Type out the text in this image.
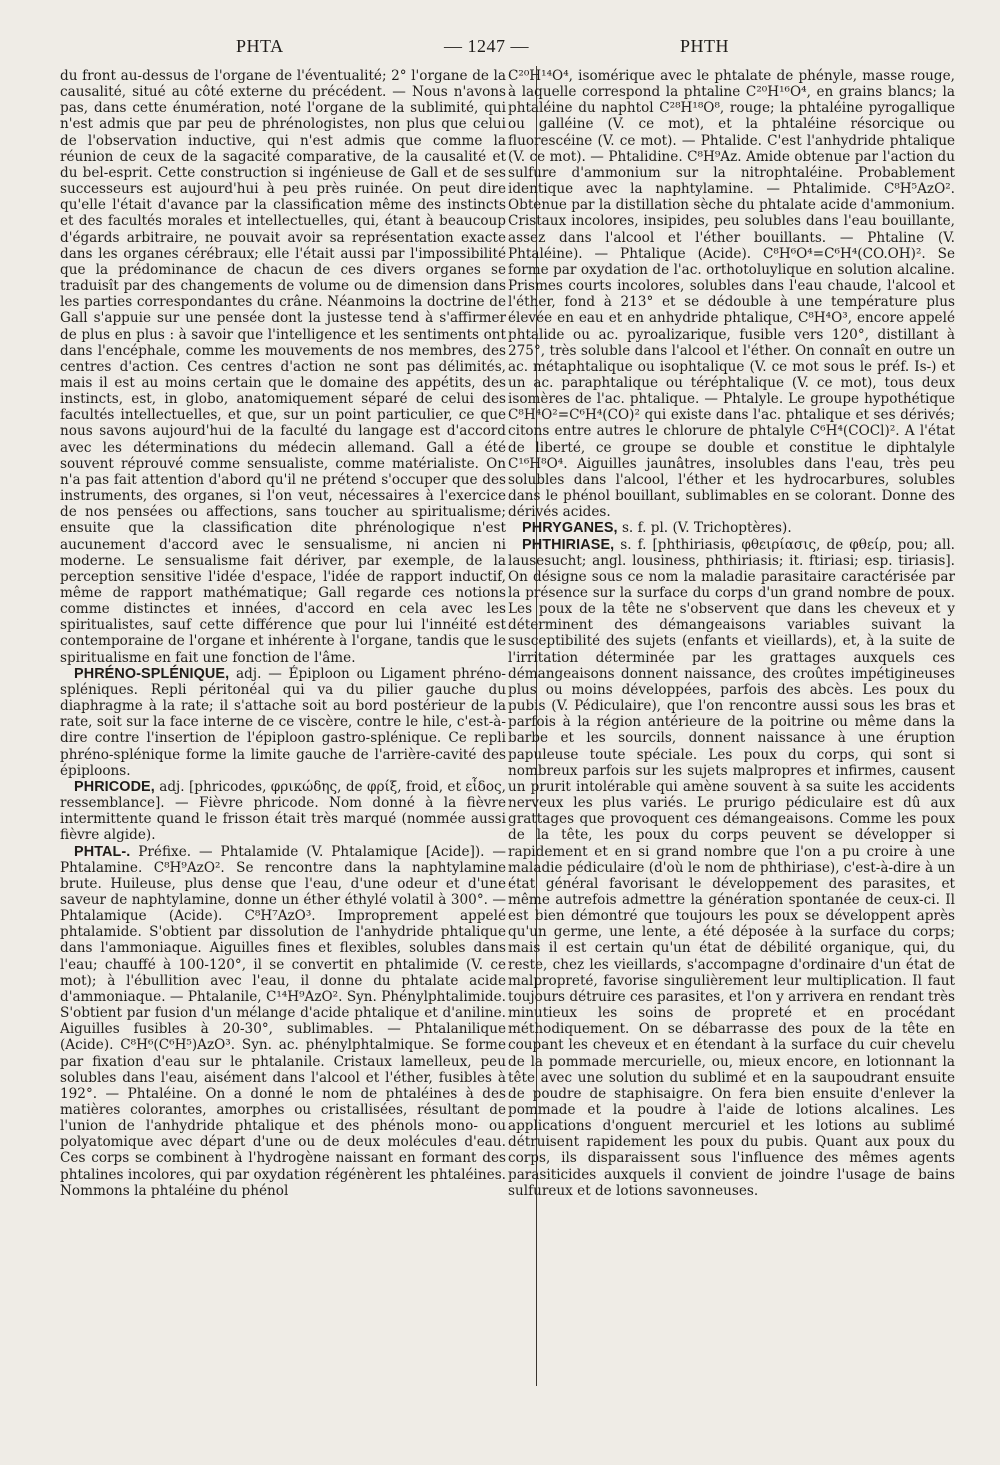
PHTA	— 1247 —	PHTH

du front au-dessus de l'organe de l'éventualité; 2° l'organe de la causalité, situé au côté externe du précédent. — Nous n'avons pas, dans cette énumération, noté l'organe de la sublimité, qui n'est admis que par peu de phrénologistes, non plus que celui de l'observation inductive, qui n'est admis que comme la réunion de ceux de la sagacité comparative, de la causalité et du bel-esprit. Cette construction si ingénieuse de Gall et de ses successeurs est aujourd'hui à peu près ruinée. On peut dire qu'elle l'était d'avance par la classification même des instincts et des facultés morales et intellectuelles, qui, étant à beaucoup d'égards arbitraire, ne pouvait avoir sa représentation exacte dans les organes cérébraux; elle l'était aussi par l'impossibilité que la prédominance de chacun de ces divers organes se traduisît par des changements de volume ou de dimension dans les parties correspondantes du crâne. Néanmoins la doctrine de Gall s'appuie sur une pensée dont la justesse tend à s'affirmer de plus en plus : à savoir que l'intelligence et les sentiments ont dans l'encéphale, comme les mouvements de nos membres, des centres d'action. Ces centres d'action ne sont pas délimités, mais il est au moins certain que le domaine des appétits, des instincts, est, in globo, anatomiquement séparé de celui des facultés intellectuelles, et que, sur un point particulier, ce que nous savons aujourd'hui de la faculté du langage est d'accord avec les déterminations du médecin allemand. Gall a été souvent réprouvé comme sensualiste, comme matérialiste. On n'a pas fait attention d'abord qu'il ne prétend s'occuper que des instruments, des organes, si l'on veut, nécessaires à l'exercice de nos pensées ou affections, sans toucher au spiritualisme; ensuite que la classification dite phrénologique n'est aucunement d'accord avec le sensualisme, ni ancien ni moderne. Le sensualisme fait dériver, par exemple, de la perception sensitive l'idée d'espace, l'idée de rapport inductif, même de rapport mathématique; Gall regarde ces notions comme distinctes et innées, d'accord en cela avec les spiritualistes, sauf cette différence que pour lui l'innéité est contemporaine de l'organe et inhérente à l'organe, tandis que le spiritualisme en fait une fonction de l'âme.

PHRÉNO-SPLÉNIQUE, adj. — Épiploon ou Ligament phréno-spléniques. Repli péritonéal qui va du pilier gauche du diaphragme à la rate; il s'attache soit au bord postérieur de la rate, soit sur la face interne de ce viscère, contre le hile, c'est-à-dire contre l'insertion de l'épiploon gastro-splénique. Ce repli phréno-splénique forme la limite gauche de l'arrière-cavité des épiploons.

PHRICODE, adj. [phricodes, φρικώδης, de φρίξ, froid, et εἶδος, ressemblance]. — Fièvre phricode. Nom donné à la fièvre intermittente quand le frisson était très marqué (nommée aussi fièvre algide).

PHTAL-. Préfixe. — Phtalamide (V. Phtalamique [Acide]). — Phtalamine. C⁸H⁹AzO². Se rencontre dans la naphtylamine brute. Huileuse, plus dense que l'eau, d'une odeur et d'une saveur de naphtylamine, donne un éther éthylé volatil à 300°. — Phtalamique (Acide). C⁸H⁷AzO³. Improprement appelé phtalamide. S'obtient par dissolution de l'anhydride phtalique dans l'ammoniaque. Aiguilles fines et flexibles, solubles dans l'eau; chauffé à 100-120°, il se convertit en phtalimide (V. ce mot); à l'ébullition avec l'eau, il donne du phtalate acide d'ammoniaque. — Phtalanile, C¹⁴H⁹AzO². Syn. Phénylphtalimide. S'obtient par fusion d'un mélange d'acide phtalique et d'aniline. Aiguilles fusibles à 20-30°, sublimables. — Phtalanilique (Acide). C⁸H⁶(C⁶H⁵)AzO³. Syn. ac. phénylphtalmique. Se forme par fixation d'eau sur le phtalanile. Cristaux lamelleux, peu solubles dans l'eau, aisément dans l'alcool et l'éther, fusibles à 192°. — Phtaléine. On a donné le nom de phtaléines à des matières colorantes, amorphes ou cristallisées, résultant de l'union de l'anhydride phtalique et des phénols mono- ou polyatomique avec départ d'une ou de deux molécules d'eau. Ces corps se combinent à l'hydrogène naissant en formant des phtalines incolores, qui par oxydation régénèrent les phtaléines. Nommons la phtaléine du phénol

C²⁰H¹⁴O⁴, isomérique avec le phtalate de phényle, masse rouge, à laquelle correspond la phtaline C²⁰H¹⁶O⁴, en grains blancs; la phtaléine du naphtol C²⁸H¹⁸O⁸, rouge; la phtaléine pyrogallique ou galléine (V. ce mot), et la phtaléine résorcique ou fluorescéine (V. ce mot). — Phtalide. C'est l'anhydride phtalique (V. ce mot). — Phtalidine. C⁸H⁹Az. Amide obtenue par l'action du sulfure d'ammonium sur la nitrophtaléine. Probablement identique avec la naphtylamine. — Phtalimide. C⁸H⁵AzO². Obtenue par la distillation sèche du phtalate acide d'ammonium. Cristaux incolores, insipides, peu solubles dans l'eau bouillante, assez dans l'alcool et l'éther bouillants. — Phtaline (V. Phtaléine). — Phtalique (Acide). C⁸H⁶O⁴=C⁶H⁴(CO.OH)². Se forme par oxydation de l'ac. orthotoluylique en solution alcaline. Prismes courts incolores, solubles dans l'eau chaude, l'alcool et l'éther, fond à 213° et se dédouble à une température plus élevée en eau et en anhydride phtalique, C⁸H⁴O³, encore appelé phtalide ou ac. pyroalizarique, fusible vers 120°, distillant à 275°, très soluble dans l'alcool et l'éther. On connaît en outre un ac. métaphtalique ou isophtalique (V. ce mot sous le préf. Is-) et un ac. paraphtalique ou téréphtalique (V. ce mot), tous deux isomères de l'ac. phtalique. — Phtalyle. Le groupe hypothétique C⁸H⁴O²=C⁶H⁴(CO)² qui existe dans l'ac. phtalique et ses dérivés; citons entre autres le chlorure de phtalyle C⁶H⁴(COCl)². A l'état de liberté, ce groupe se double et constitue le diphtalyle C¹⁶H⁸O⁴. Aiguilles jaunâtres, insolubles dans l'eau, très peu solubles dans l'alcool, l'éther et les hydrocarbures, solubles dans le phénol bouillant, sublimables en se colorant. Donne des dérivés acides.

PHRYGANES, s. f. pl. (V. Trichoptères).

PHTHIRIASE, s. f. [phthiriasis, φθειρίασις, de φθείρ, pou; all. lausesucht; angl. lousiness, phthiriasis; it. ftiriasi; esp. tiriasis]. On désigne sous ce nom la maladie parasitaire caractérisée par la présence sur la surface du corps d'un grand nombre de poux. Les poux de la tête ne s'observent que dans les cheveux et y déterminent des démangeaisons variables suivant la susceptibilité des sujets (enfants et vieillards), et, à la suite de l'irritation déterminée par les grattages auxquels ces démangeaisons donnent naissance, des croûtes impétigineuses plus ou moins développées, parfois des abcès. Les poux du pubis (V. Pédiculaire), que l'on rencontre aussi sous les bras et parfois à la région antérieure de la poitrine ou même dans la barbe et les sourcils, donnent naissance à une éruption papuleuse toute spéciale. Les poux du corps, qui sont si nombreux parfois sur les sujets malpropres et infirmes, causent un prurit intolérable qui amène souvent à sa suite les accidents nerveux les plus variés. Le prurigo pédiculaire est dû aux grattages que provoquent ces démangeaisons. Comme les poux de la tête, les poux du corps peuvent se développer si rapidement et en si grand nombre que l'on a pu croire à une maladie pédiculaire (d'où le nom de phthiriase), c'est-à-dire à un état général favorisant le développement des parasites, et même autrefois admettre la génération spontanée de ceux-ci. Il est bien démontré que toujours les poux se développent après qu'un germe, une lente, a été déposée à la surface du corps; mais il est certain qu'un état de débilité organique, qui, du reste, chez les vieillards, s'accompagne d'ordinaire d'un état de malpropreté, favorise singulièrement leur multiplication. Il faut toujours détruire ces parasites, et l'on y arrivera en rendant très minutieux les soins de propreté et en procédant méthodiquement. On se débarrasse des poux de la tête en coupant les cheveux et en étendant à la surface du cuir chevelu de la pommade mercurielle, ou, mieux encore, en lotionnant la tête avec une solution du sublimé et en la saupoudrant ensuite de poudre de staphisaigre. On fera bien ensuite d'enlever la pommade et la poudre à l'aide de lotions alcalines. Les applications d'onguent mercuriel et les lotions au sublimé détruisent rapidement les poux du pubis. Quant aux poux du corps, ils disparaissent sous l'influence des mêmes agents parasiticides auxquels il convient de joindre l'usage de bains sulfureux et de lotions savonneuses.
